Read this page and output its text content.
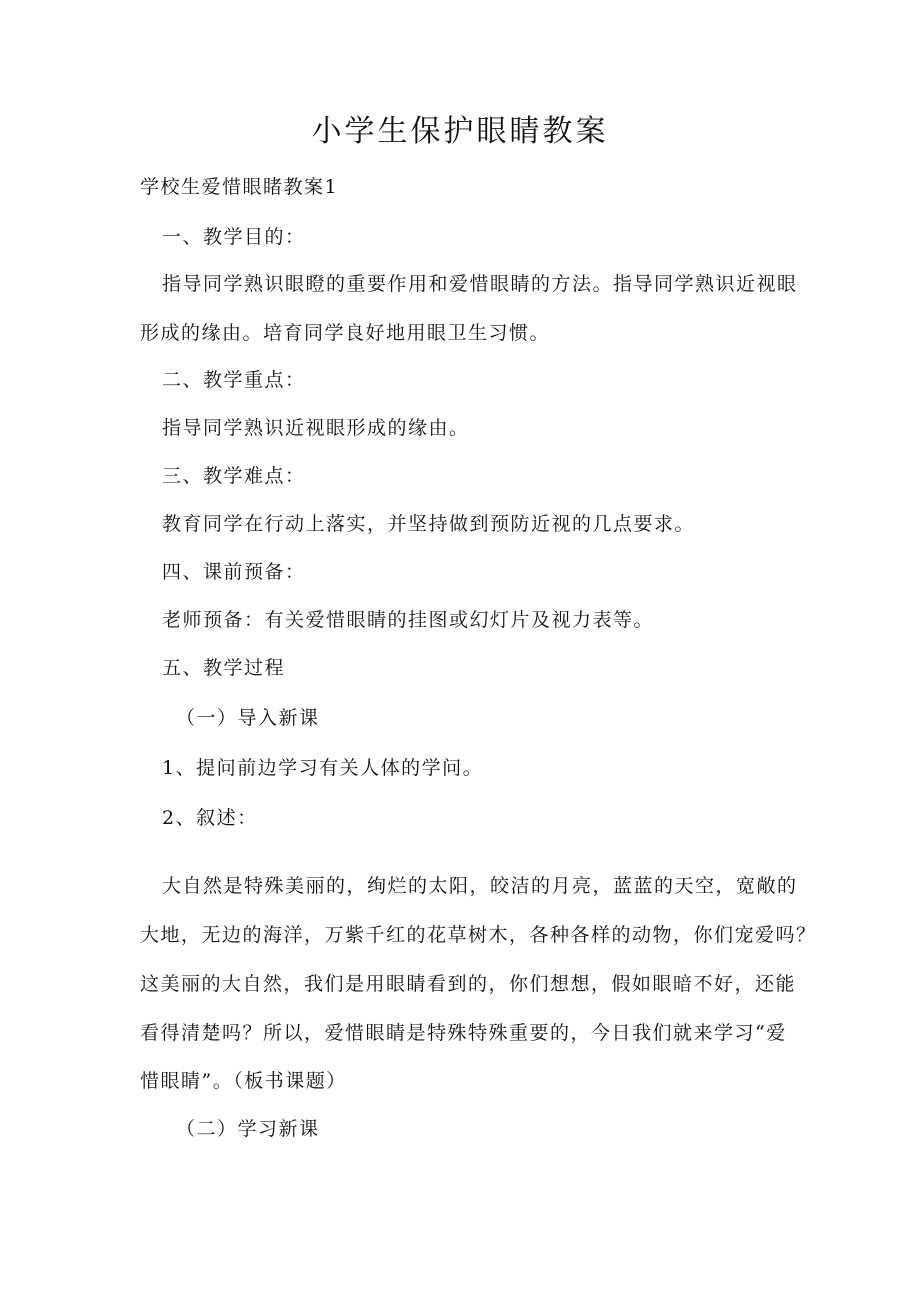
小学生保护眼睛教案
学校生爱惜眼睹教案1
一、教学目的：
指导同学熟识眼瞪的重要作用和爱惜眼睛的方法。指导同学熟识近视眼
形成的缘由。培育同学良好地用眼卫生习惯。
二、教学重点：
指导同学熟识近视眼形成的缘由。
三、教学难点：
教育同学在行动上落实，并坚持做到预防近视的几点要求。
四、课前预备：
老师预备：有关爱惜眼睛的挂图或幻灯片及视力表等。
五、教学过程
（一）导入新课
1、提问前边学习有关人体的学问。
2、叙述：
大自然是特殊美丽的，绚烂的太阳，皎洁的月亮，蓝蓝的天空，宽敞的
大地，无边的海洋，万紫千红的花草树木，各种各样的动物，你们宠爱吗？
这美丽的大自然，我们是用眼睛看到的，你们想想，假如眼暗不好，还能
看得清楚吗？所以，爱惜眼睛是特殊特殊重要的，今日我们就来学习“爱
惜眼睛”。（板书课题）
（二）学习新课
